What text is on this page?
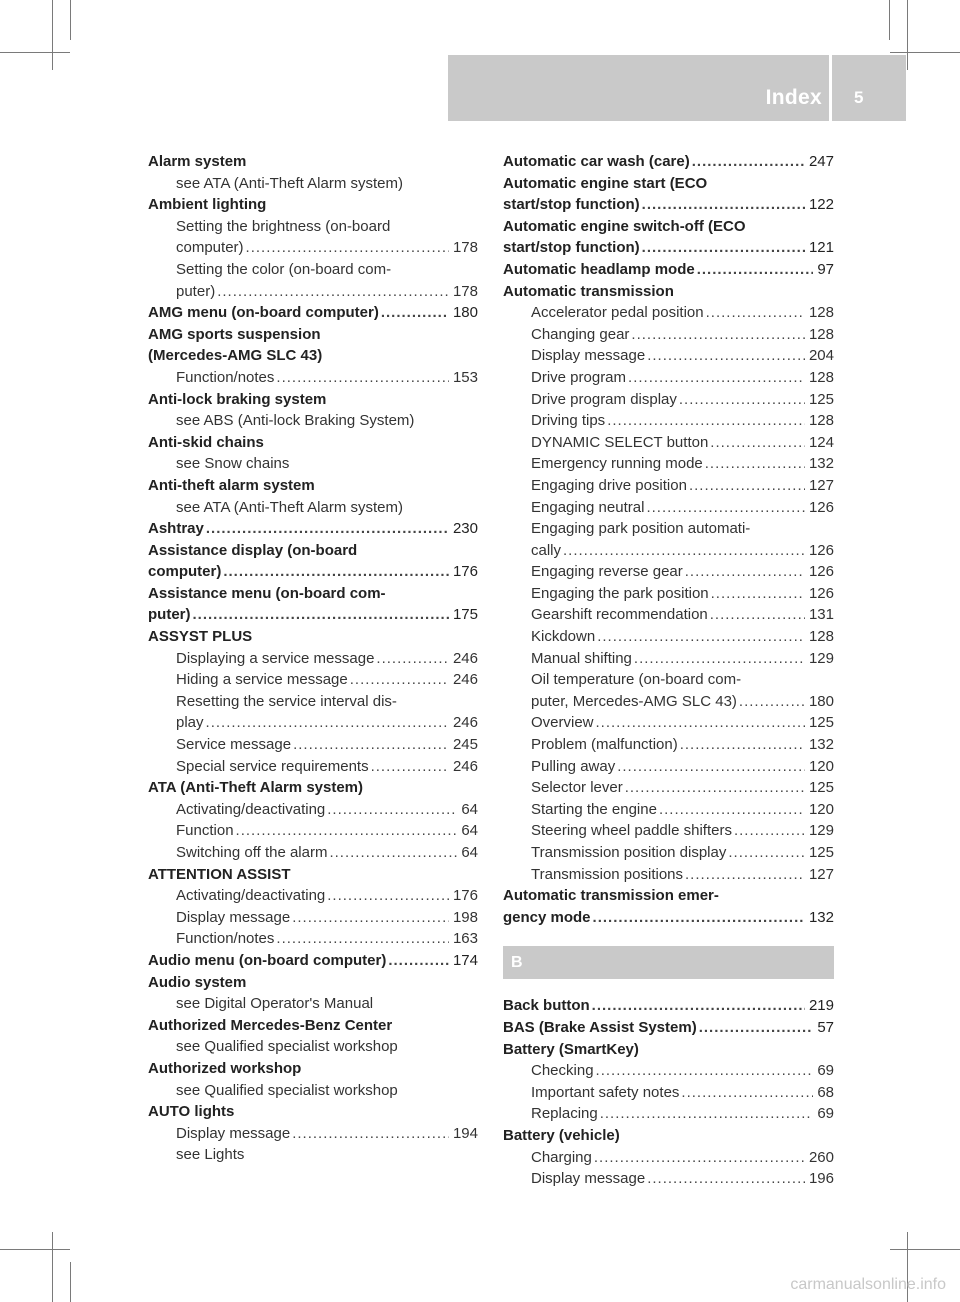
Index 5
Alarm system
see ATA (Anti-Theft Alarm system)
Ambient lighting
Setting the brightness (on-board
computer) .....	178
Setting the color (on-board com-
puter) .....	178
AMG menu (on-board computer) .....	180
AMG sports suspension
(Mercedes-AMG SLC 43)
Function/notes .....	153
Anti-lock braking system
see ABS (Anti-lock Braking System)
Anti-skid chains
see Snow chains
Anti-theft alarm system
see ATA (Anti-Theft Alarm system)
Ashtray .....	230
Assistance display (on-board
computer) .....	176
Assistance menu (on-board com-
puter) .....	175
ASSYST PLUS
Displaying a service message .....	246
Hiding a service message .....	246
Resetting the service interval dis-
play .....	246
Service message .....	245
Special service requirements .....	246
ATA (Anti-Theft Alarm system)
Activating/deactivating .....	64
Function .....	64
Switching off the alarm .....	64
ATTENTION ASSIST
Activating/deactivating .....	176
Display message .....	198
Function/notes .....	163
Audio menu (on-board computer) .....	174
Audio system
see Digital Operator's Manual
Authorized Mercedes-Benz Center
see Qualified specialist workshop
Authorized workshop
see Qualified specialist workshop
AUTO lights
Display message .....	194
see Lights
Automatic car wash (care) .....	247
Automatic engine start (ECO
start/stop function) .....	122
Automatic engine switch-off (ECO
start/stop function) .....	121
Automatic headlamp mode .....	97
Automatic transmission
Accelerator pedal position .....	128
Changing gear .....	128
Display message .....	204
Drive program .....	128
Drive program display .....	125
Driving tips .....	128
DYNAMIC SELECT button .....	124
Emergency running mode .....	132
Engaging drive position .....	127
Engaging neutral .....	126
Engaging park position automati-
cally .....	126
Engaging reverse gear .....	126
Engaging the park position .....	126
Gearshift recommendation .....	131
Kickdown .....	128
Manual shifting .....	129
Oil temperature (on-board com-
puter, Mercedes-AMG SLC 43) .....	180
Overview .....	125
Problem (malfunction) .....	132
Pulling away .....	120
Selector lever .....	125
Starting the engine .....	120
Steering wheel paddle shifters .....	129
Transmission position display .....	125
Transmission positions .....	127
Automatic transmission emer-
gency mode .....	132
B
Back button .....	219
BAS (Brake Assist System) .....	57
Battery (SmartKey)
Checking .....	69
Important safety notes .....	68
Replacing .....	69
Battery (vehicle)
Charging .....	260
Display message .....	196
carmanualsonline.info
